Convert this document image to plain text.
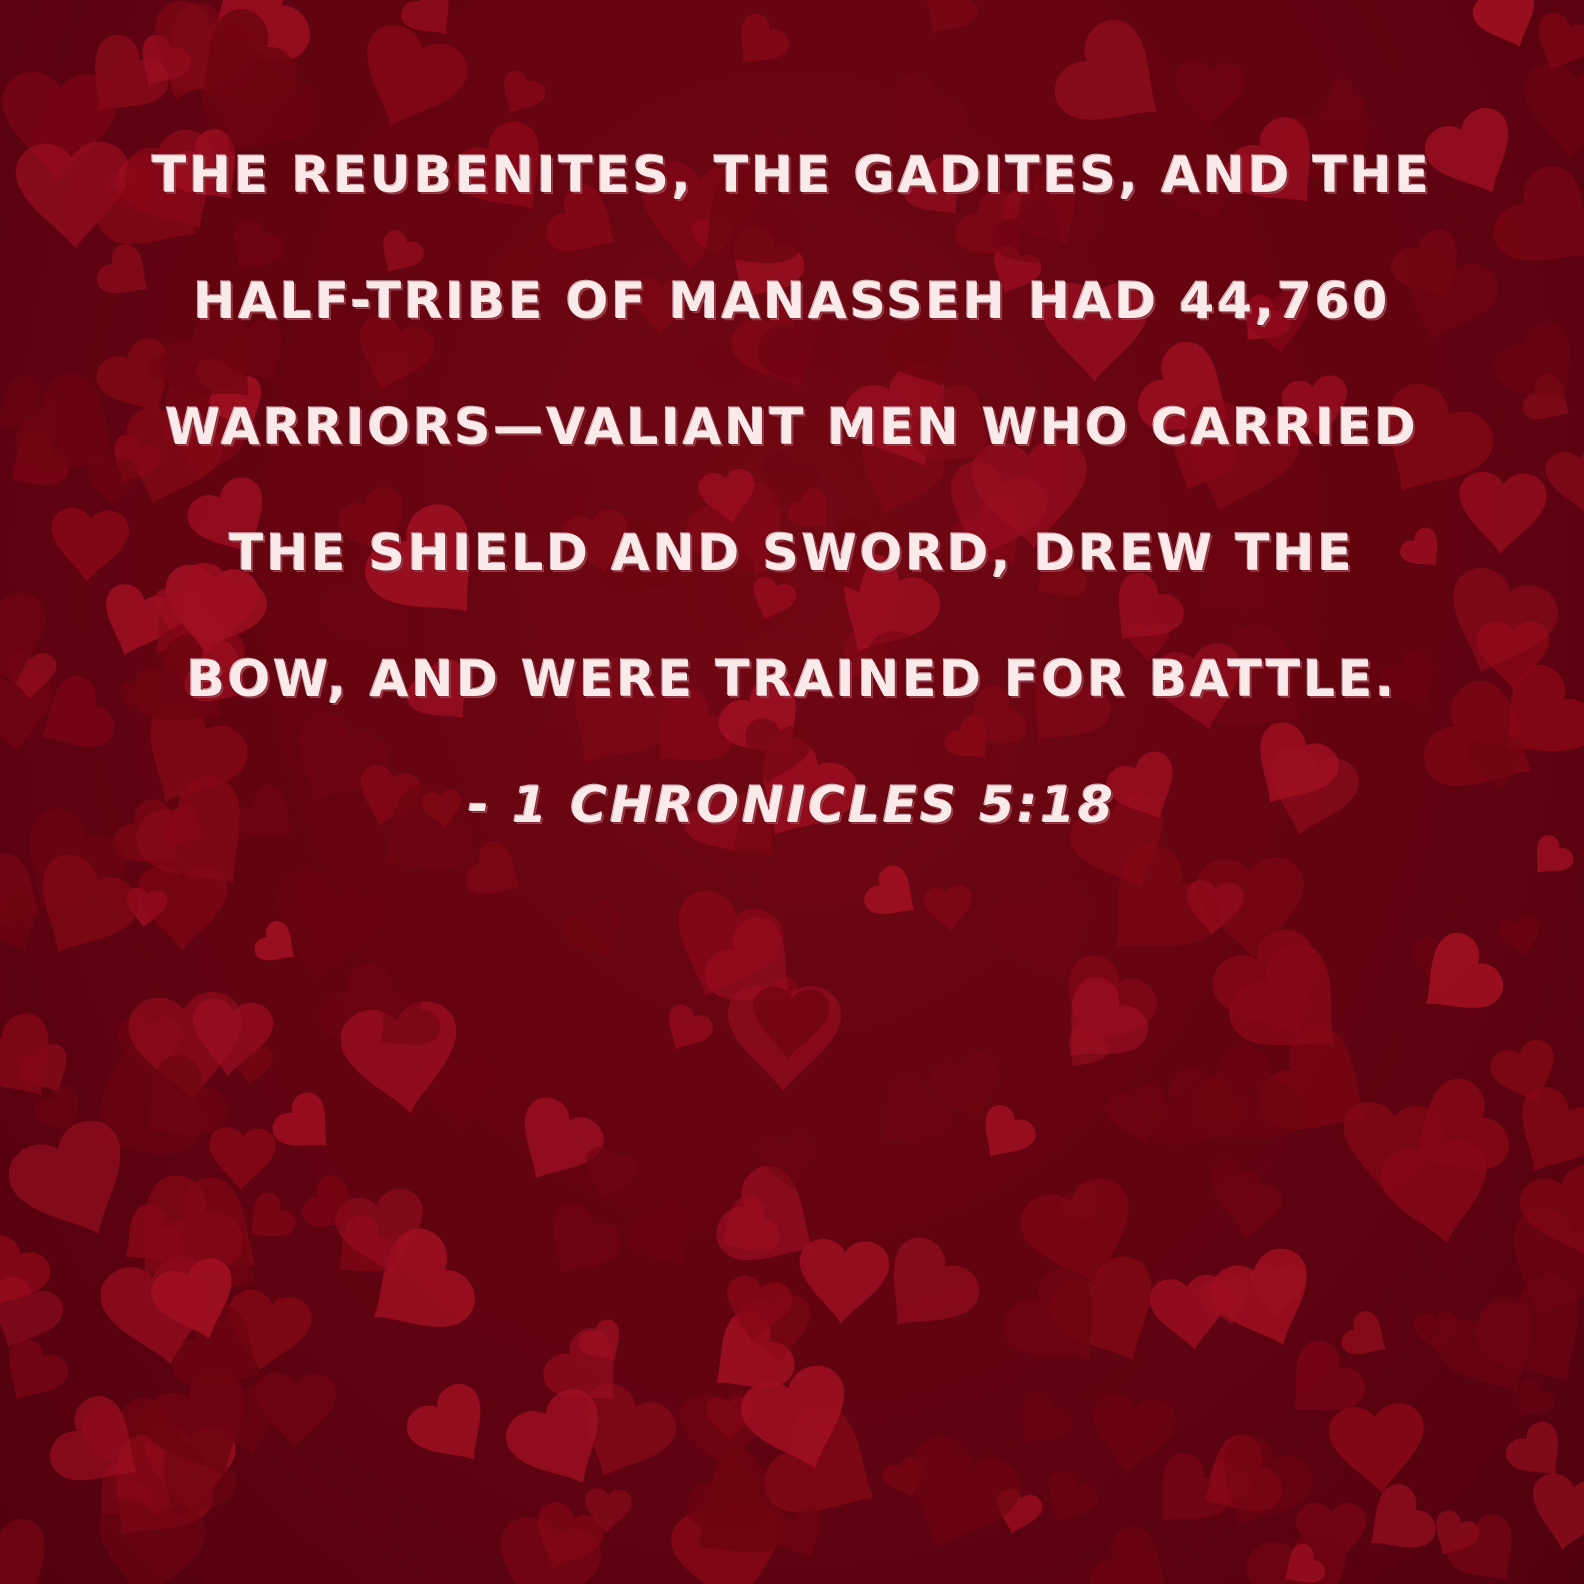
THE REUBENITES, THE GADITES, AND THE
HALF-TRIBE OF MANASSEH HAD 44,760
WARRIORS—VALIANT MEN WHO CARRIED
THE SHIELD AND SWORD, DREW THE
BOW, AND WERE TRAINED FOR BATTLE.
- 1 CHRONICLES 5:18
